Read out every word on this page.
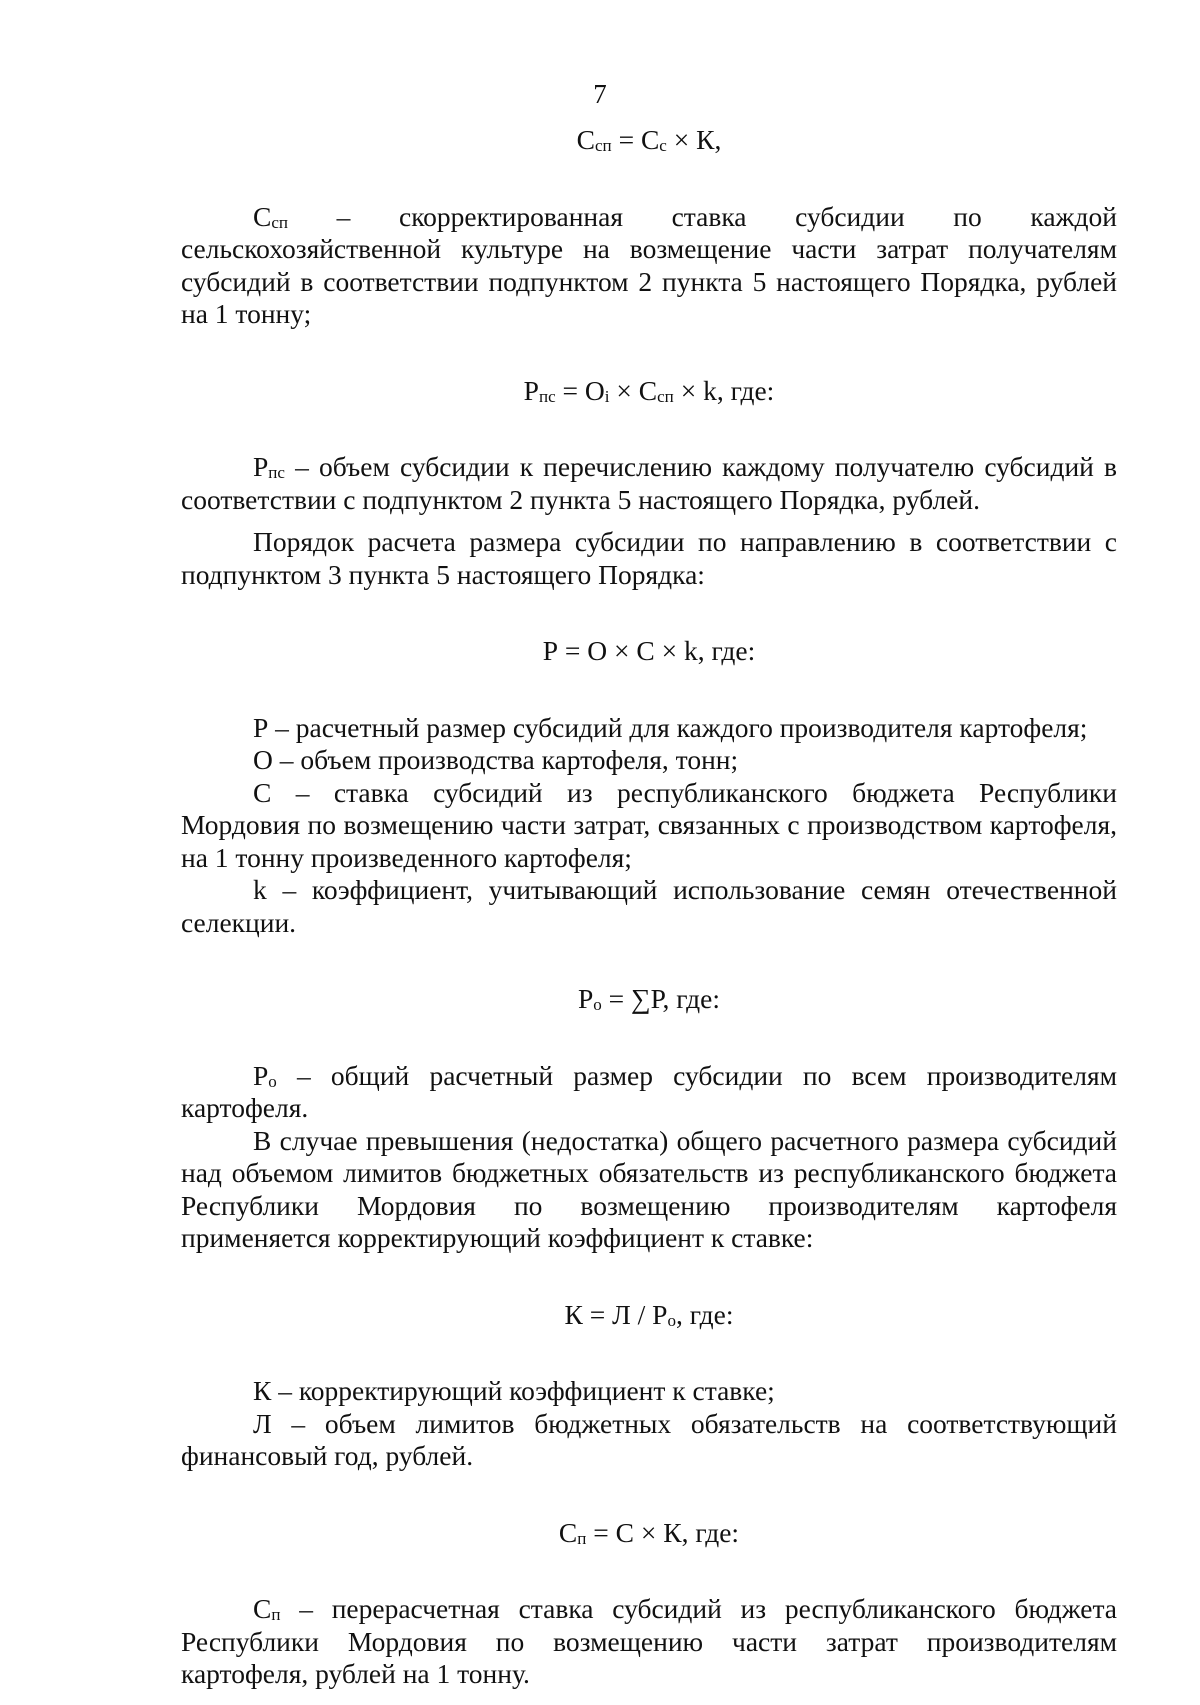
7

$С_{сп} = С_с \times К$,

$С_{сп}$ – скорректированная ставка субсидии по каждой сельскохозяйственной культуре на возмещение части затрат получателям субсидий в соответствии подпунктом 2 пункта 5 настоящего Порядка, рублей на 1 тонну;

$Р_{пс} = О_i \times С_{сп} \times k$, где:

$Р_{пс}$ – объем субсидии к перечислению каждому получателю субсидий в соответствии с подпунктом 2 пункта 5 настоящего Порядка, рублей.

Порядок расчета размера субсидии по направлению в соответствии с подпунктом 3 пункта 5 настоящего Порядка:

Р = О × С × k, где:

Р – расчетный размер субсидий для каждого производителя картофеля;

О – объем производства картофеля, тонн;

С – ставка субсидий из республиканского бюджета Республики Мордовия по возмещению части затрат, связанных с производством картофеля, на 1 тонну произведенного картофеля;

k – коэффициент, учитывающий использование семян отечественной селекции.

$Р_о = \sum Р$, где:

$Р_о$ – общий расчетный размер субсидии по всем производителям картофеля.

В случае превышения (недостатка) общего расчетного размера субсидий над объемом лимитов бюджетных обязательств из республиканского бюджета Республики Мордовия по возмещению производителям картофеля применяется корректирующий коэффициент к ставке:

$К = Л / Р_о$, где:

К – корректирующий коэффициент к ставке;

Л – объем лимитов бюджетных обязательств на соответствующий финансовый год, рублей.

$С_п = С \times К$, где:

$С_п$ – перерасчетная ставка субсидий из республиканского бюджета Республики Мордовия по возмещению части затрат производителям картофеля, рублей на 1 тонну.
